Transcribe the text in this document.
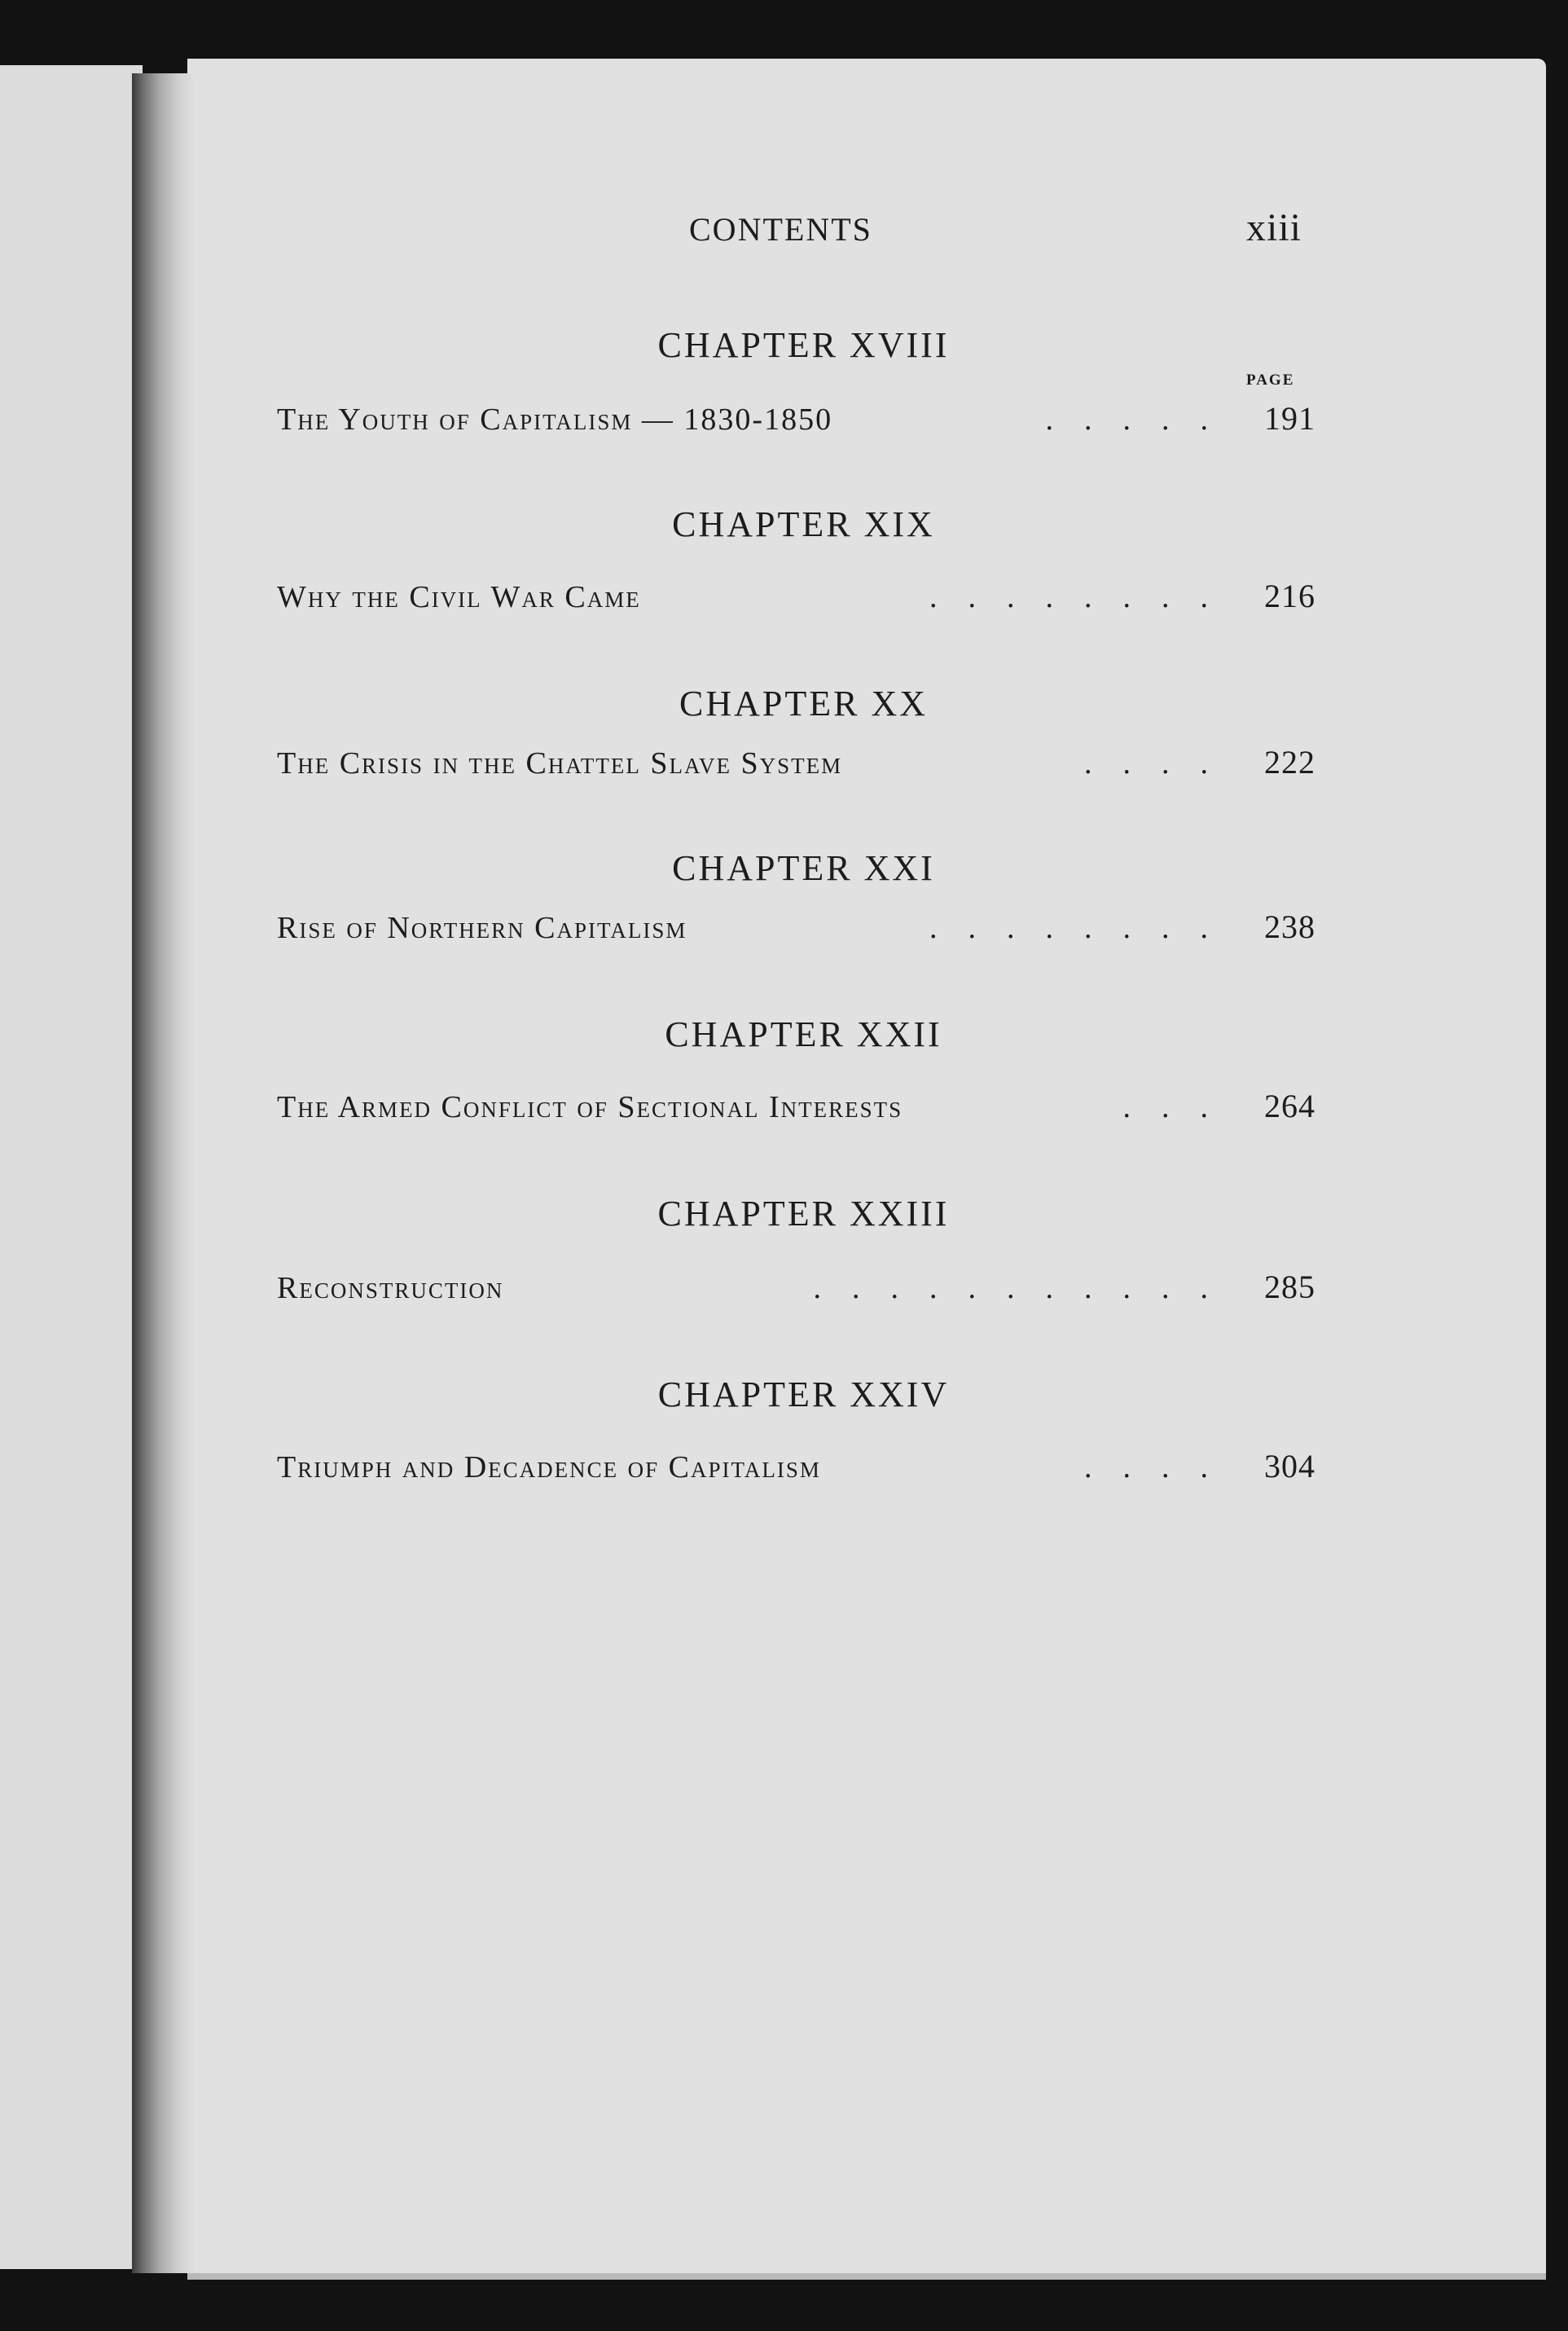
CONTENTS	xiii
PAGE
CHAPTER XVIII
The Youth of Capitalism — 1830-1850	..... 191
CHAPTER XIX
Why the Civil War Came	........ 216
CHAPTER XX
The Crisis in the Chattel Slave System	.... 222
CHAPTER XXI
Rise of Northern Capitalism	........ 238
CHAPTER XXII
The Armed Conflict of Sectional Interests	... 264
CHAPTER XXIII
Reconstruction	........... 285
CHAPTER XXIV
Triumph and Decadence of Capitalism	.... 304
